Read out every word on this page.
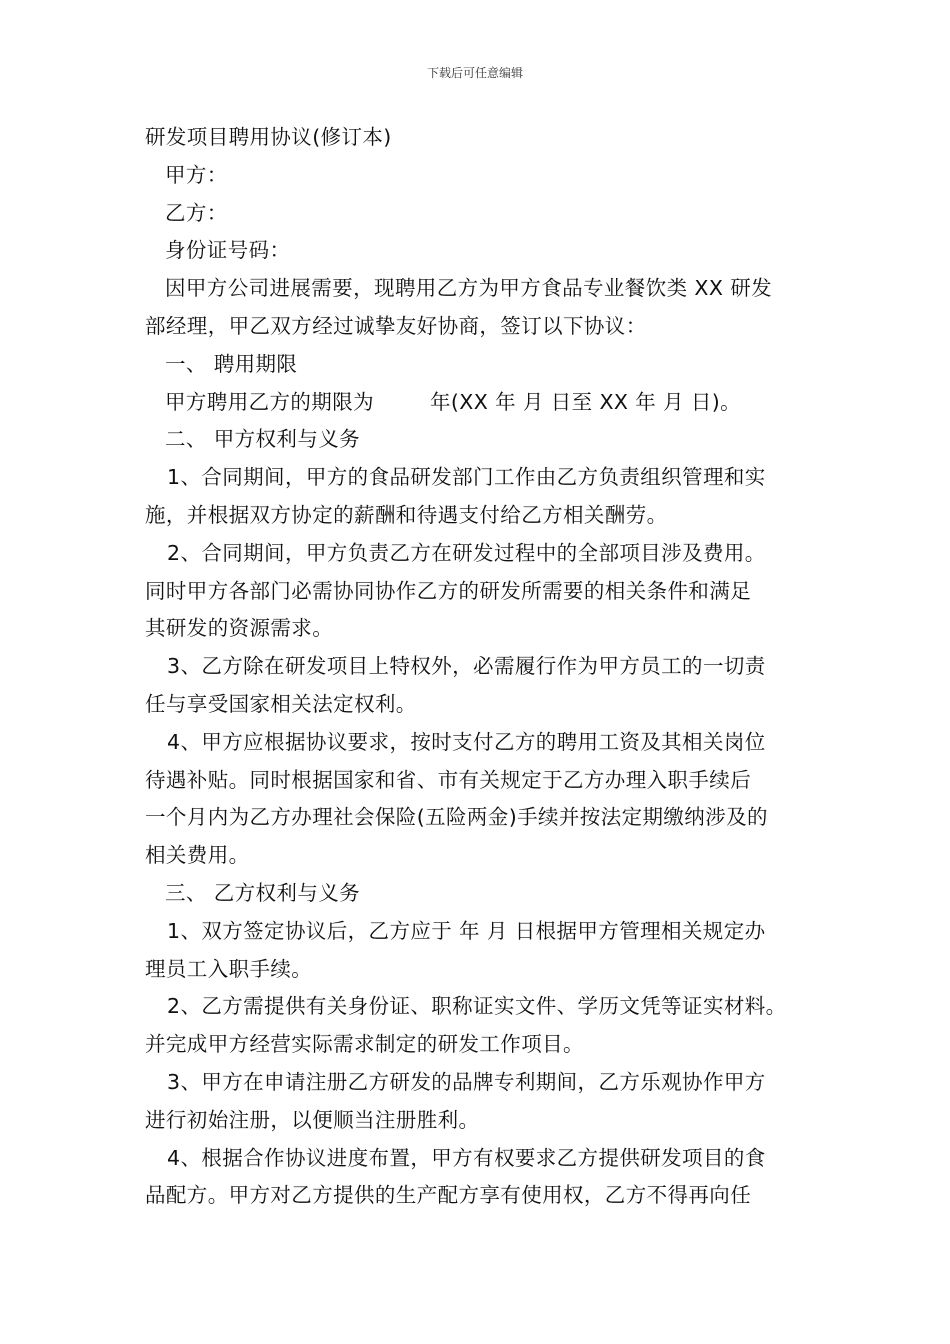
下载后可任意编辑

研发项目聘用协议(修订本)

甲方：

乙方：

身份证号码：

因甲方公司进展需要，现聘用乙方为甲方食品专业餐饮类 XX 研发

部经理，甲乙双方经过诚挚友好协商，签订以下协议：

一、 聘用期限

甲方聘用乙方的期限为	年(XX 年 月 日至 XX 年 月 日)。

二、 甲方权利与义务

1、合同期间，甲方的食品研发部门工作由乙方负责组织管理和实

施，并根据双方协定的薪酬和待遇支付给乙方相关酬劳。

2、合同期间，甲方负责乙方在研发过程中的全部项目涉及费用。

同时甲方各部门必需协同协作乙方的研发所需要的相关条件和满足

其研发的资源需求。

3、乙方除在研发项目上特权外，必需履行作为甲方员工的一切责

任与享受国家相关法定权利。

4、甲方应根据协议要求，按时支付乙方的聘用工资及其相关岗位

待遇补贴。同时根据国家和省、市有关规定于乙方办理入职手续后

一个月内为乙方办理社会保险(五险两金)手续并按法定期缴纳涉及的

相关费用。

三、 乙方权利与义务

1、双方签定协议后，乙方应于 年 月 日根据甲方管理相关规定办

理员工入职手续。

2、乙方需提供有关身份证、职称证实文件、学历文凭等证实材料。

并完成甲方经营实际需求制定的研发工作项目。

3、甲方在申请注册乙方研发的品牌专利期间，乙方乐观协作甲方

进行初始注册，以便顺当注册胜利。

4、根据合作协议进度布置，甲方有权要求乙方提供研发项目的食

品配方。甲方对乙方提供的生产配方享有使用权，乙方不得再向任
